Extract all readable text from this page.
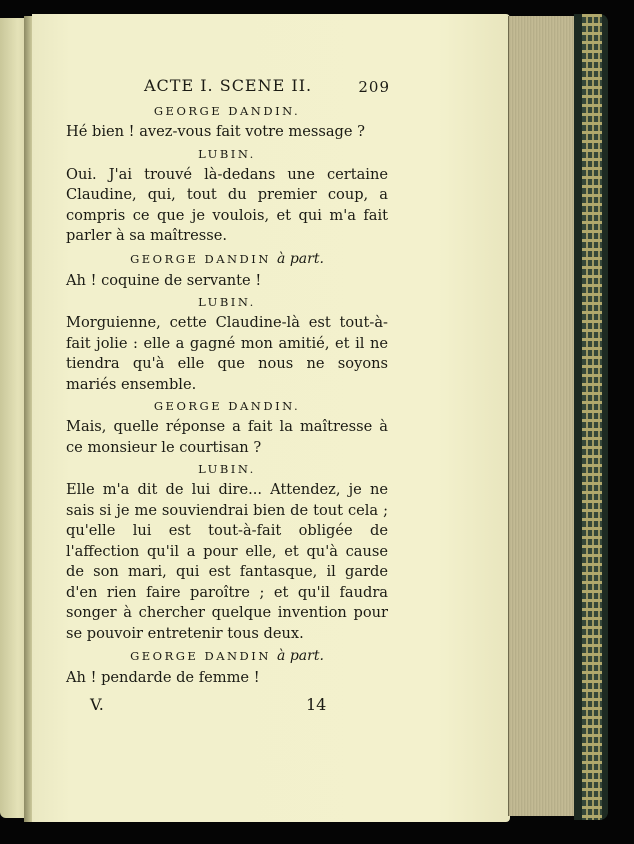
ACTE I. SCENE II.	209
GEORGE DANDIN.

Hé bien ! avez-vous fait votre message ?

LUBIN.

Oui. J'ai trouvé là-dedans une certaine Claudine, qui, tout du premier coup, a compris ce que je voulois, et qui m'a fait parler à sa maîtresse.

GEORGE DANDIN à part.

Ah ! coquine de servante !

LUBIN.

Morguienne, cette Claudine-là est tout-à-fait jolie : elle a gagné mon amitié, et il ne tiendra qu'à elle que nous ne soyons mariés ensemble.

GEORGE DANDIN.

Mais, quelle réponse a fait la maîtresse à ce monsieur le courtisan ?

LUBIN.

Elle m'a dit de lui dire... Attendez, je ne sais si je me souviendrai bien de tout cela ; qu'elle lui est tout-à-fait obligée de l'affection qu'il a pour elle, et qu'à cause de son mari, qui est fantasque, il garde d'en rien faire paroître ; et qu'il faudra songer à chercher quelque invention pour se pouvoir entretenir tous deux.

GEORGE DANDIN à part.

Ah ! pendarde de femme !

V.	14
